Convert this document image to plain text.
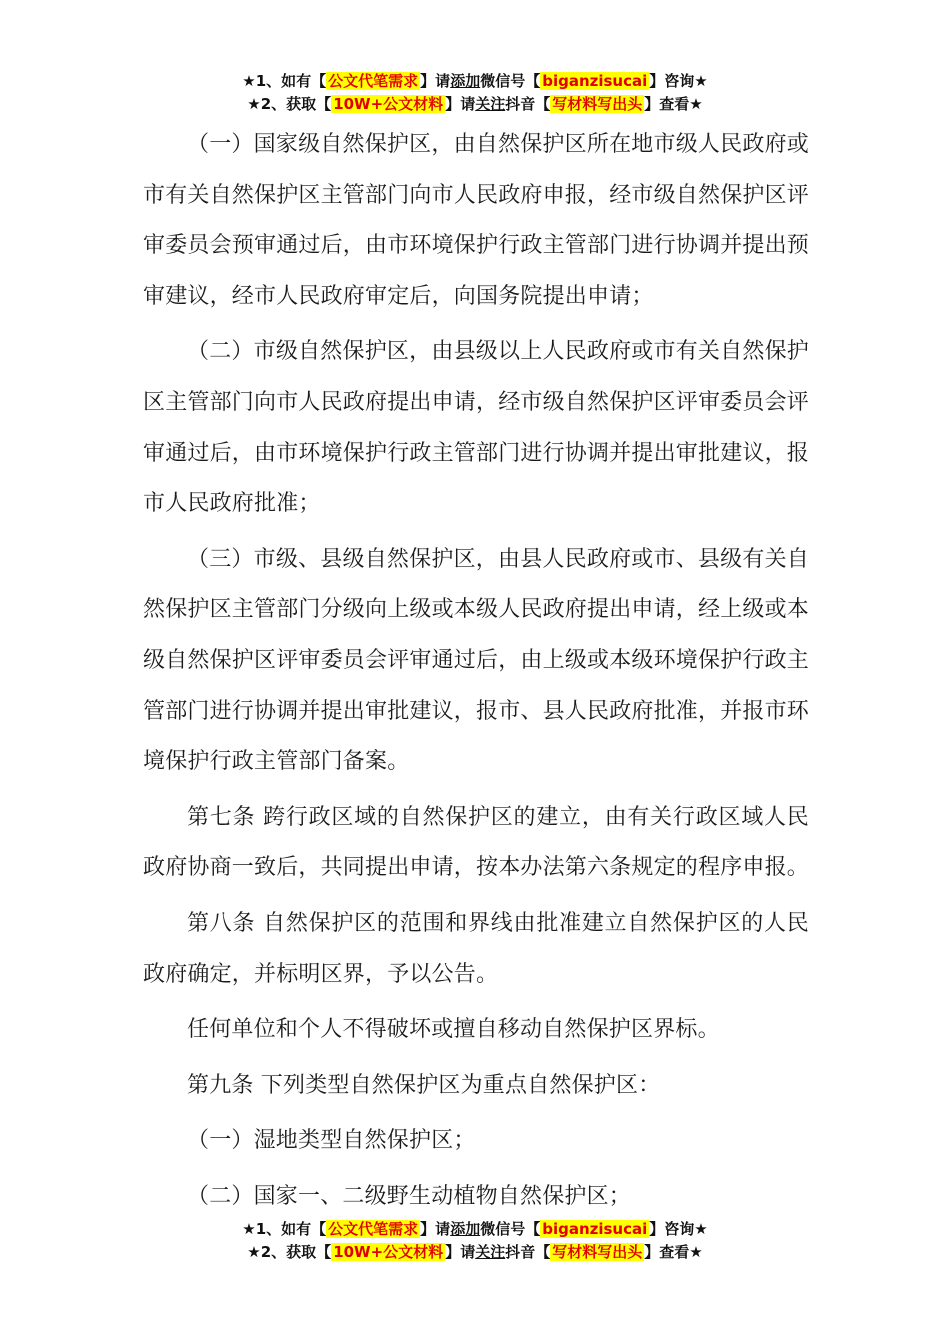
★1、如有【 公文代笔需求 】请添加微信号【 biganzisucai 】咨询★
★2、获取【 10W+公文材料 】请关注抖音【 写材料写出头 】查看★

（一）国家级自然保护区，由自然保护区所在地市级人民政府或市有关自然保护区主管部门向市人民政府申报，经市级自然保护区评审委员会预审通过后，由市环境保护行政主管部门进行协调并提出预审建议，经市人民政府审定后，向国务院提出申请；

（二）市级自然保护区，由县级以上人民政府或市有关自然保护区主管部门向市人民政府提出申请，经市级自然保护区评审委员会评审通过后，由市环境保护行政主管部门进行协调并提出审批建议，报市人民政府批准；

（三）市级、县级自然保护区，由县人民政府或市、县级有关自然保护区主管部门分级向上级或本级人民政府提出申请，经上级或本级自然保护区评审委员会评审通过后，由上级或本级环境保护行政主管部门进行协调并提出审批建议，报市、县人民政府批准，并报市环境保护行政主管部门备案。

第七条 跨行政区域的自然保护区的建立，由有关行政区域人民政府协商一致后，共同提出申请，按本办法第六条规定的程序申报。

第八条 自然保护区的范围和界线由批准建立自然保护区的人民政府确定，并标明区界，予以公告。

任何单位和个人不得破坏或擅自移动自然保护区界标。

第九条 下列类型自然保护区为重点自然保护区：

（一）湿地类型自然保护区；

（二）国家一、二级野生动植物自然保护区；

★1、如有【 公文代笔需求 】请添加微信号【 biganzisucai 】咨询★
★2、获取【 10W+公文材料 】请关注抖音【 写材料写出头 】查看★
